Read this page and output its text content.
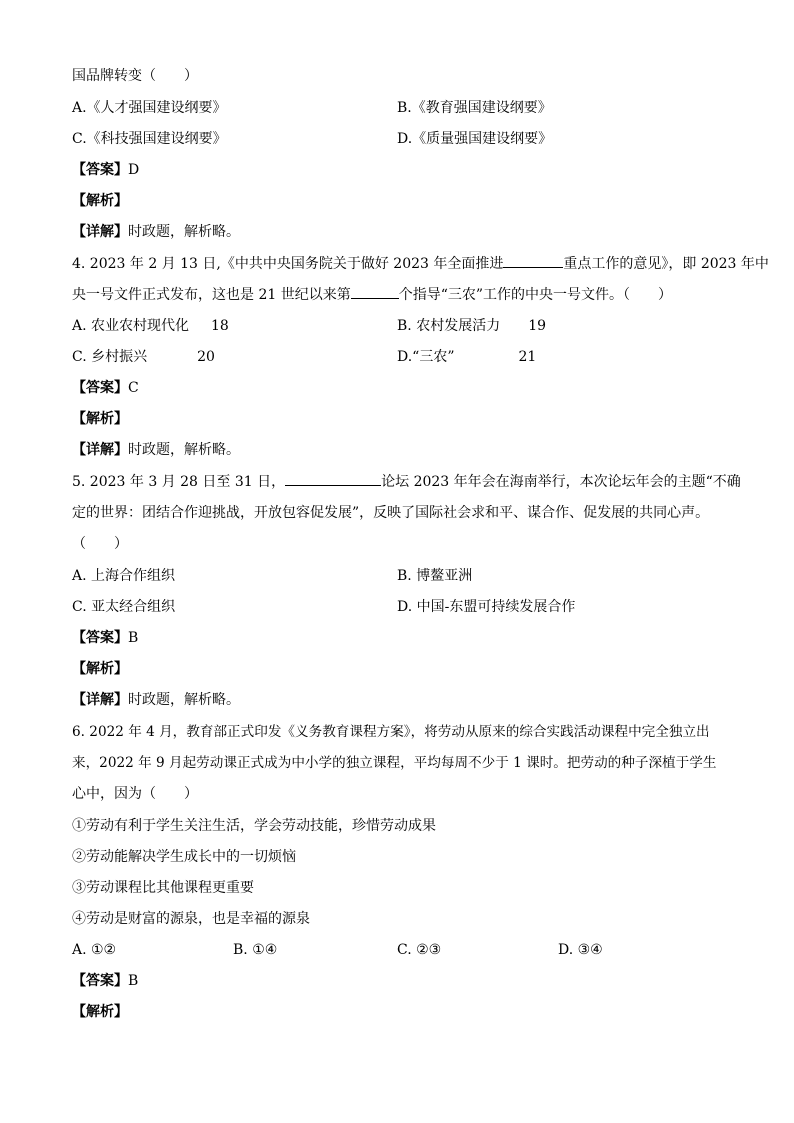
国品牌转变（　　）
A.《人才强国建设纲要》	B.《教育强国建设纲要》
C.《科技强国建设纲要》	D.《质量强国建设纲要》
【答案】D
【解析】
【详解】时政题，解析略。
4. 2023 年 2 月 13 日,《中共中央国务院关于做好 2023 年全面推进	重点工作的意见》，即 2023 年中
央一号文件正式发布，这也是 21 世纪以来第	个指导“三农”工作的中央一号文件。（　　）
A. 农业农村现代化 18	B. 农村发展活力 19
C. 乡村振兴	20	D.“三农”	21
【答案】C
【解析】
【详解】时政题，解析略。
5. 2023 年 3 月 28 日至 31 日，	论坛 2023 年年会在海南举行，本次论坛年会的主题“不确
定的世界：团结合作迎挑战，开放包容促发展”，反映了国际社会求和平、谋合作、促发展的共同心声。
（　　）
A. 上海合作组织	B. 博鳌亚洲
C. 亚太经合组织	D. 中国-东盟可持续发展合作
【答案】B
【解析】
【详解】时政题，解析略。
6. 2022 年 4 月，教育部正式印发《义务教育课程方案》，将劳动从原来的综合实践活动课程中完全独立出
来，2022 年 9 月起劳动课正式成为中小学的独立课程，平均每周不少于 1 课时。把劳动的种子深植于学生
心中，因为（　　）
①劳动有利于学生关注生活，学会劳动技能，珍惜劳动成果
②劳动能解决学生成长中的一切烦恼
③劳动课程比其他课程更重要
④劳动是财富的源泉，也是幸福的源泉
A. ①②	B. ①④	C. ②③	D. ③④
【答案】B
【解析】
